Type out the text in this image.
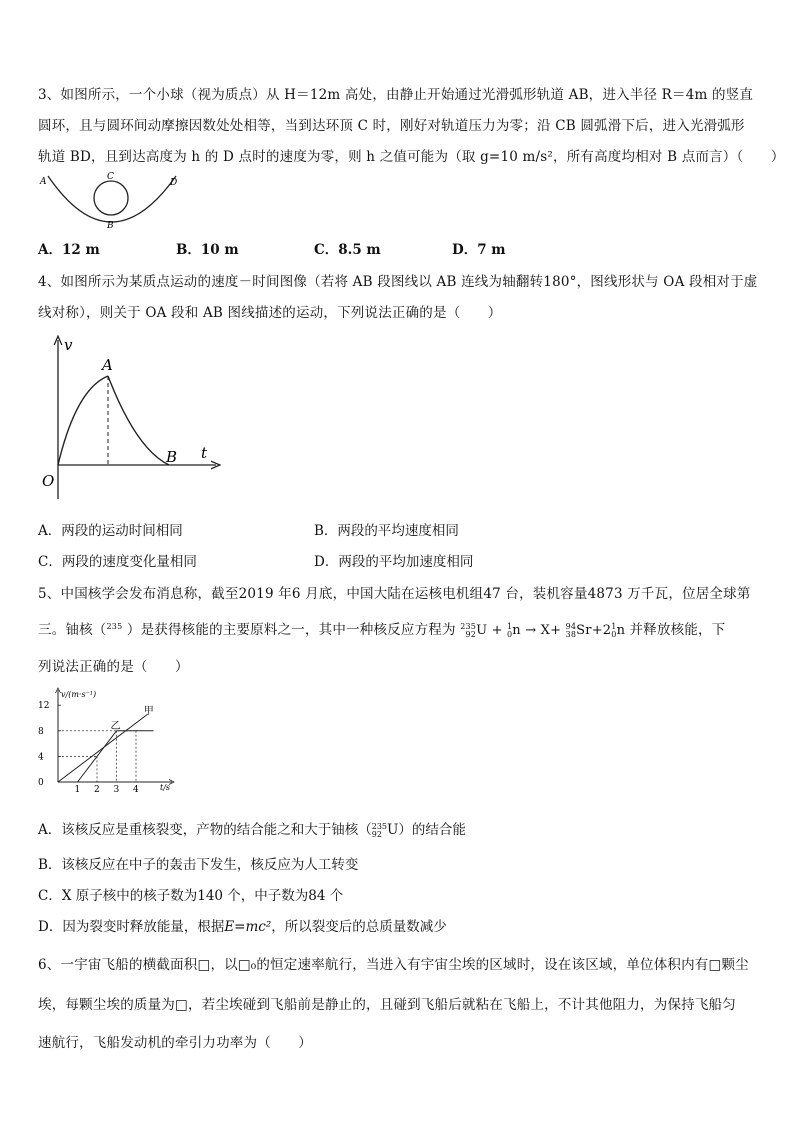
3、如图所示，一个小球（视为质点）从 H＝12m 高处，由静止开始通过光滑弧形轨道 AB，进入半径 R＝4m 的竖直
圆环，且与圆环间动摩擦因数处处相等，当到达环顶 C 时，刚好对轨道压力为零；沿 CB 圆弧滑下后，进入光滑弧形
轨道 BD，且到达高度为 h 的 D 点时的速度为零，则 h 之值可能为（取 g=10 m/s²，所有高度均相对 B 点而言）（　　）
A	C
D
B
A．12 m	B．10 m	C．8.5 m	D．7 m
4、如图所示为某质点运动的速度－时间图像（若将 AB 段图线以 AB 连线为轴翻转180°，图线形状与 OA 段相对于虚
线对称），则关于 OA 段和 AB 图线描述的运动，下列说法正确的是（　　）
v
t
O
A
B
A．两段的运动时间相同	B．两段的平均速度相同
C．两段的速度变化量相同	D．两段的平均加速度相同
5、中国核学会发布消息称，截至2019 年6 月底，中国大陆在运核电机组47 台，装机容量4873 万千瓦，位居全球第
三。铀核（$^{235}$ ）是获得核能的主要原料之一，其中一种核反应方程为 235
92U + 1
0n → X+ 94
38Sr+21
0n 并释放核能，下
列说法正确的是（　　）
v/(m·s⁻¹)
t/s
12
8
4
0
1 2 3 4
乙
甲
A．该核反应是重核裂变，产物的结合能之和大于铀核（235
92 U）的结合能
B．该核反应在中子的轰击下发生，核反应为人工转变
C．X 原子核中的核子数为140 个，中子数为84 个
D．因为裂变时释放能量，根据E=mc²，所以裂变后的总质量数减少
6、一宇宙飞船的横截面积□，以□₀的恒定速率航行，当进入有宇宙尘埃的区域时，设在该区域，单位体积内有□颗尘
埃，每颗尘埃的质量为□，若尘埃碰到飞船前是静止的，且碰到飞船后就粘在飞船上，不计其他阻力，为保持飞船匀
速航行，飞船发动机的牵引力功率为（　　）
